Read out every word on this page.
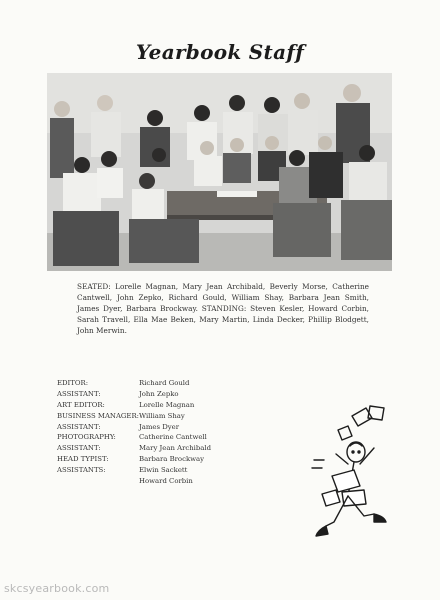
Yearbook Staff
SEATED: Lorelle Magnan, Mary Jean Archibald, Beverly Morse, Catherine Cantwell, John Zepko, Richard Gould, William Shay, Barbara Jean Smith, James Dyer, Barbara Brockway. STANDING: Steven Kesler, Howard Corbin, Sarah Travell, Ella Mae Beken, Mary Martin, Linda Decker, Phillip Blodgett, John Merwin.
EDITOR:	Richard Gould
ASSISTANT:	John Zepko
ART EDITOR:	Lorelle Magnan
BUSINESS MANAGER: William Shay
ASSISTANT:	James Dyer
PHOTOGRAPHY:	Catherine Cantwell
ASSISTANT:	Mary Jean Archibald
HEAD TYPIST:	Barbara Brockway
ASSISTANTS:	Elwin Sackett
Howard Corbin
skcsyearbook.com
